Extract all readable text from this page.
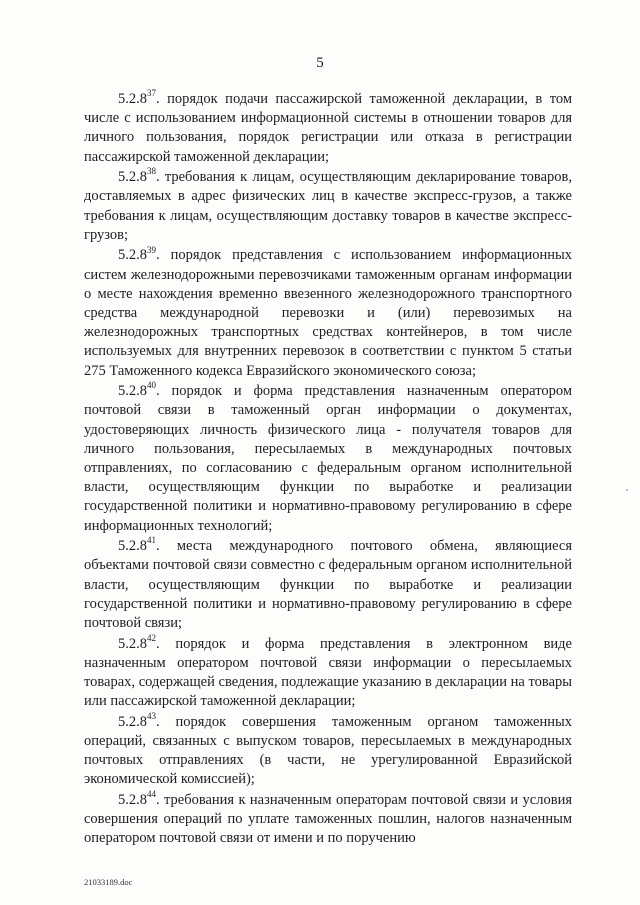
5

5.2.8$^{37}$. порядок подачи пассажирской таможенной декларации, в том числе с использованием информационной системы в отношении товаров для личного пользования, порядок регистрации или отказа в регистрации пассажирской таможенной декларации;

5.2.8$^{38}$. требования к лицам, осуществляющим декларирование товаров, доставляемых в адрес физических лиц в качестве экспресс-грузов, а также требования к лицам, осуществляющим доставку товаров в качестве экспресс-грузов;

5.2.8$^{39}$. порядок представления с использованием информационных систем железнодорожными перевозчиками таможенным органам информации о месте нахождения временно ввезенного железнодорожного транспортного средства международной перевозки и (или) перевозимых на железнодорожных транспортных средствах контейнеров, в том числе используемых для внутренних перевозок в соответствии с пунктом 5 статьи 275 Таможенного кодекса Евразийского экономического союза;

5.2.8$^{40}$. порядок и форма представления назначенным оператором почтовой связи в таможенный орган информации о документах, удостоверяющих личность физического лица - получателя товаров для личного пользования, пересылаемых в международных почтовых отправлениях, по согласованию с федеральным органом исполнительной власти, осуществляющим функции по выработке и реализации государственной политики и нормативно-правовому регулированию в сфере информационных технологий;

5.2.8$^{41}$. места международного почтового обмена, являющиеся объектами почтовой связи совместно с федеральным органом исполнительной власти, осуществляющим функции по выработке и реализации государственной политики и нормативно-правовому регулированию в сфере почтовой связи;

5.2.8$^{42}$. порядок и форма представления в электронном виде назначенным оператором почтовой связи информации о пересылаемых товарах, содержащей сведения, подлежащие указанию в декларации на товары или пассажирской таможенной декларации;

5.2.8$^{43}$. порядок совершения таможенным органом таможенных операций, связанных с выпуском товаров, пересылаемых в международных почтовых отправлениях (в части, не урегулированной Евразийской экономической комиссией);

5.2.8$^{44}$. требования к назначенным операторам почтовой связи и условия совершения операций по уплате таможенных пошлин, налогов назначенным оператором почтовой связи от имени и по поручению

,
21033189.doc
